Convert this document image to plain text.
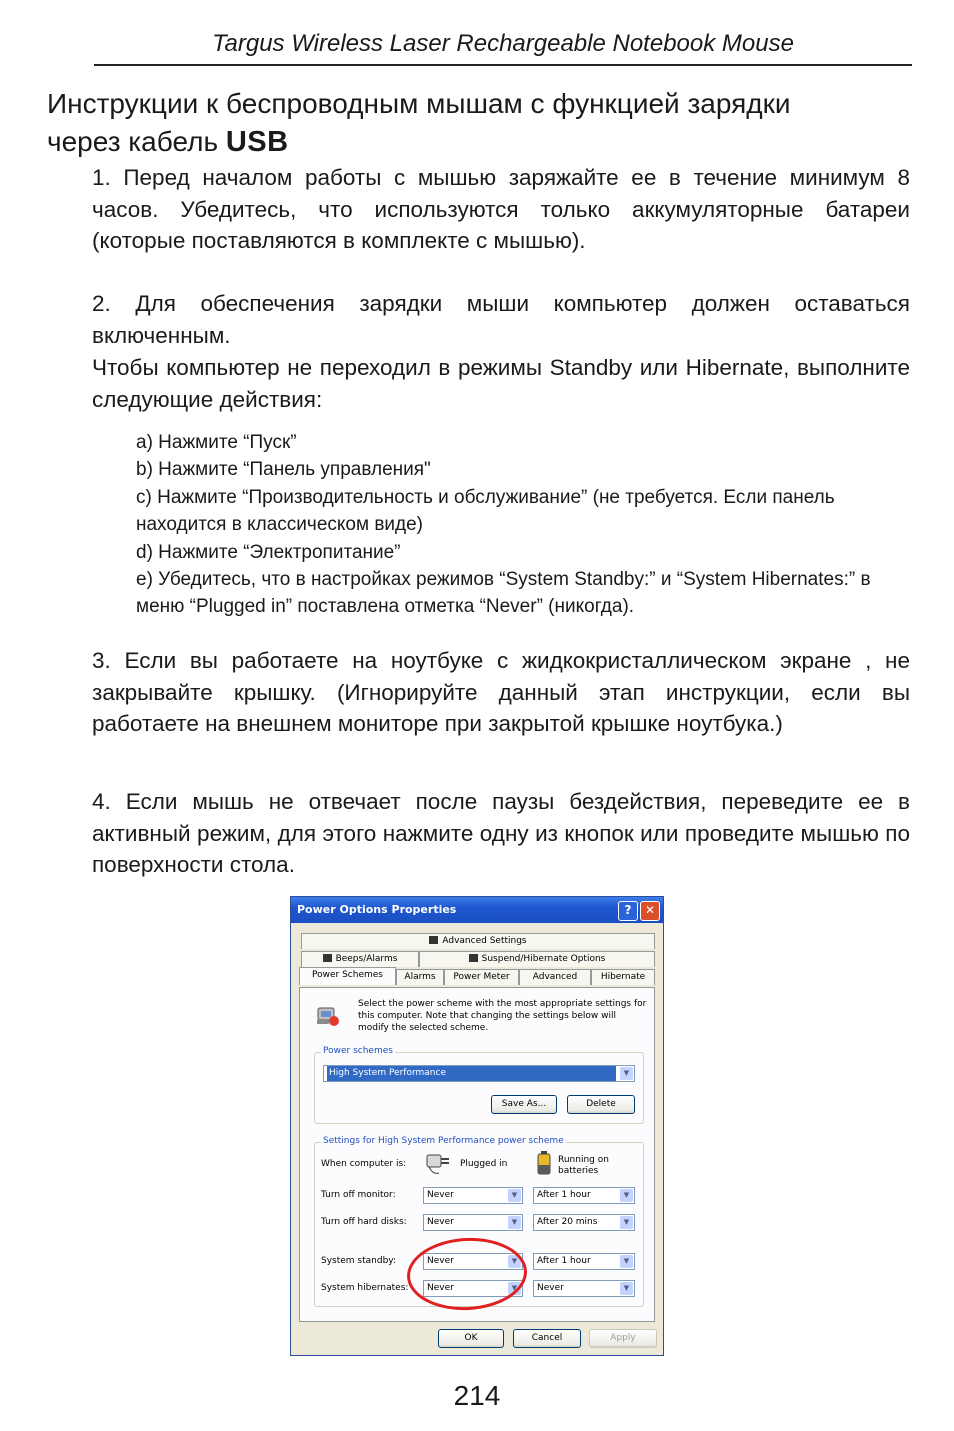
Targus Wireless Laser Rechargeable Notebook Mouse
Инструкции к беспроводным мышам с функцией зарядки
через кабель USB

1. Перед началом работы с мышью заряжайте ее в течение минимум 8 часов. Убедитесь, что используются только аккумуляторные батареи (которые поставляются в комплекте с мышью).

2. Для обеспечения зарядки мыши компьютер должен оставаться включенным.

Чтобы компьютер не переходил в режимы Standby или Hibernate, выполните следующие действия:

a) Нажмите “Пуск”
b) Нажмите “Панель управления"
c) Нажмите “Производительность и обслуживание” (не требуется. Если панель находится в классическом виде)
d) Нажмите “Электропитание”
e) Убедитесь, что в настройках режимов “System Standby:” и “System Hibernates:” в меню “Plugged in” поставлена отметка “Never” (никогда).

3. Если вы работаете на ноутбуке с жидкокристаллическом экране , не закрывайте крышку. (Игнорируйте данный этап инструкции, если вы работаете на внешнем мониторе при закрытой крышке ноутбука.)

4. Если мышь не отвечает после паузы бездействия, переведите ее в активный режим, для этого нажмите одну из кнопок или проведите мышью по поверхности стола.

Power Options Properties	?	✕
Advanced Settings
Beeps/Alarms	Suspend/Hibernate Options
Power Schemes	Alarms	Power Meter	Advanced	Hibernate
Select the power scheme with the most appropriate settings for this computer. Note that changing the settings below will modify the selected scheme.
Power schemes
High System Performance	▼
Save As...	Delete
Settings for High System Performance power scheme
When computer is:	Plugged in	Running on batteries
Turn off monitor:	Never	▼	After 1 hour	▼
Turn off hard disks:	Never	▼	After 20 mins	▼
System standby:	Never	▼	After 1 hour	▼
System hibernates:	Never	▼	Never	▼
OK	Cancel	Apply
214
